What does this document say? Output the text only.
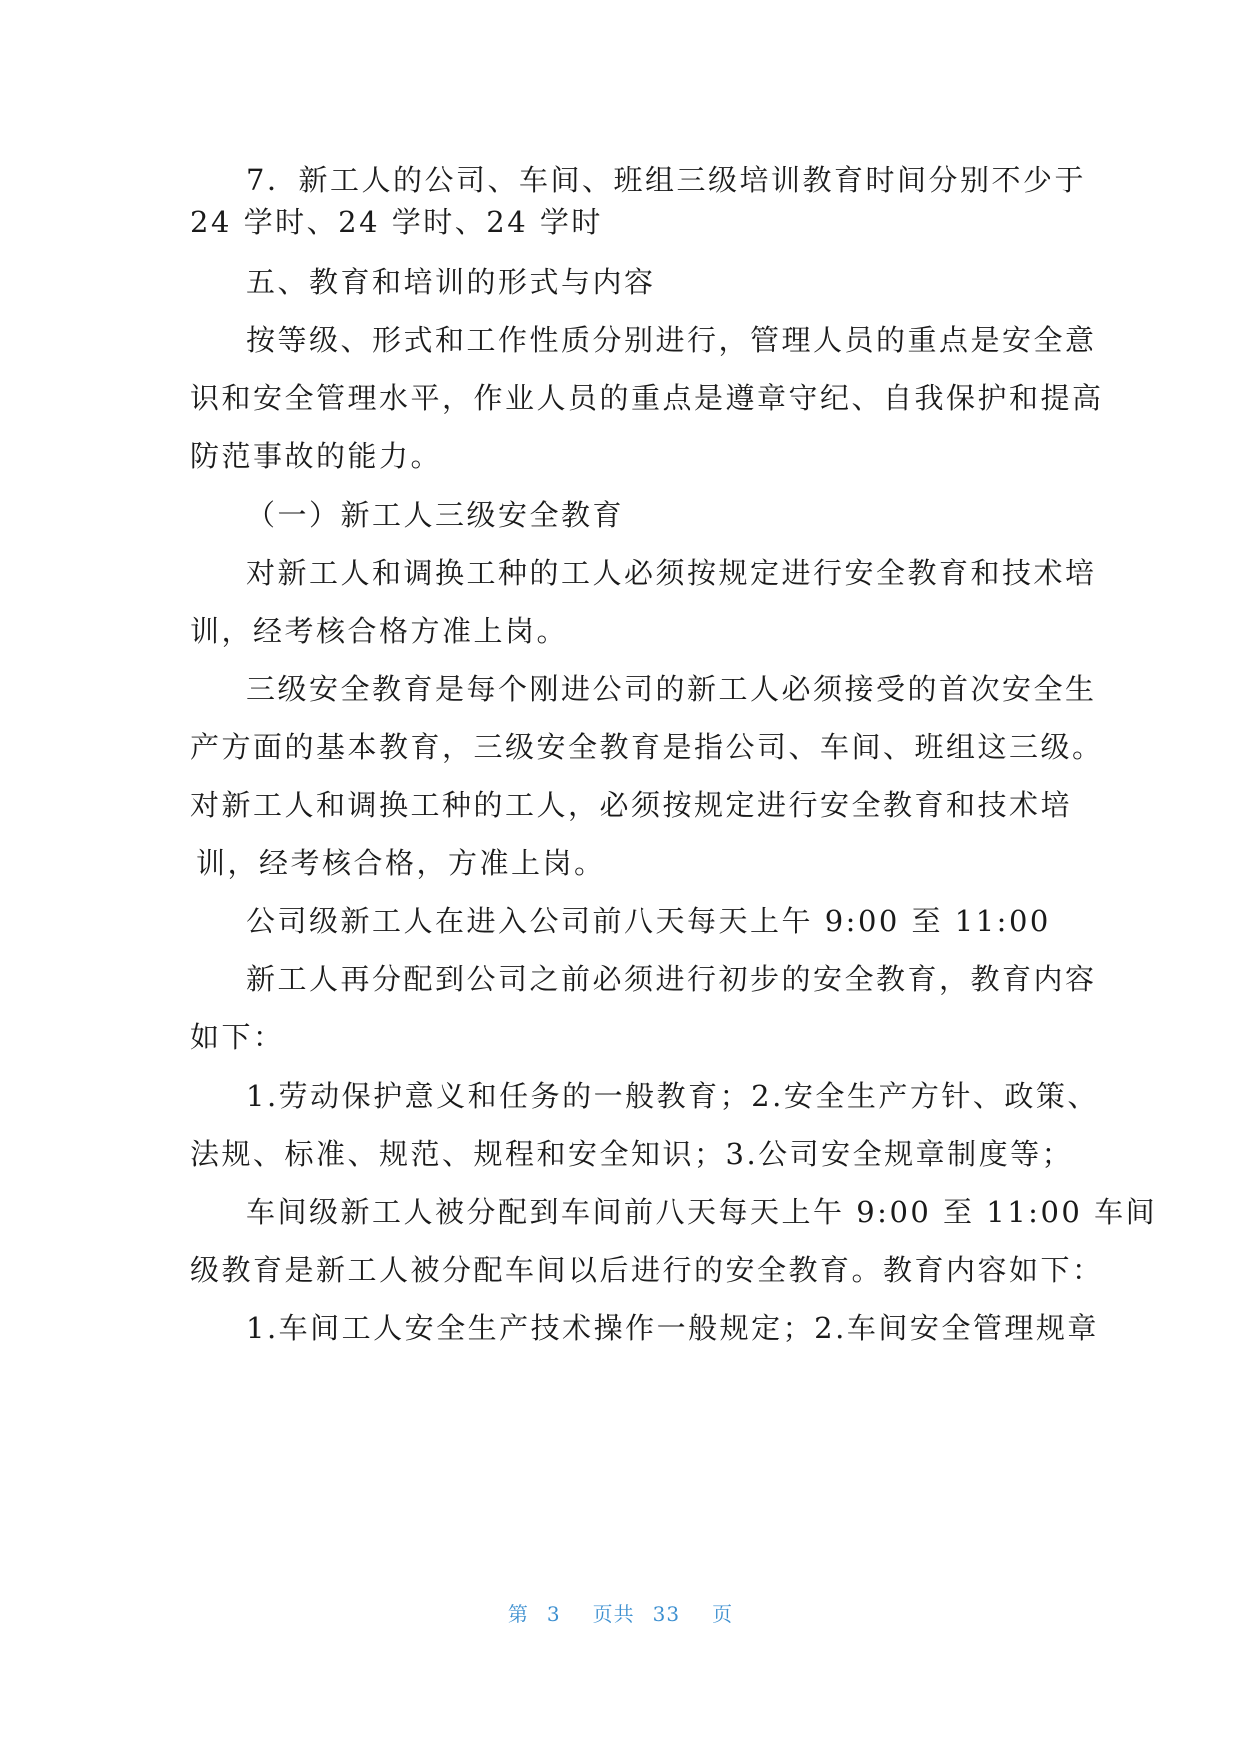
7．新工人的公司、车间、班组三级培训教育时间分别不少于
24 学时、24 学时、24 学时
五、教育和培训的形式与内容
按等级、形式和工作性质分别进行，管理人员的重点是安全意
识和安全管理水平，作业人员的重点是遵章守纪、自我保护和提高
防范事故的能力。
（一）新工人三级安全教育
对新工人和调换工种的工人必须按规定进行安全教育和技术培
训，经考核合格方准上岗。
三级安全教育是每个刚进公司的新工人必须接受的首次安全生
产方面的基本教育，三级安全教育是指公司、车间、班组这三级。
对新工人和调换工种的工人，必须按规定进行安全教育和技术培
训，经考核合格，方准上岗。
公司级新工人在进入公司前八天每天上午 9:00 至 11:00
新工人再分配到公司之前必须进行初步的安全教育，教育内容
如下：
1.劳动保护意义和任务的一般教育；2.安全生产方针、政策、
法规、标准、规范、规程和安全知识；3.公司安全规章制度等；
车间级新工人被分配到车间前八天每天上午 9:00 至 11:00 车间
级教育是新工人被分配车间以后进行的安全教育。教育内容如下：
1.车间工人安全生产技术操作一般规定；2.车间安全管理规章
第 3 页共 33 页
